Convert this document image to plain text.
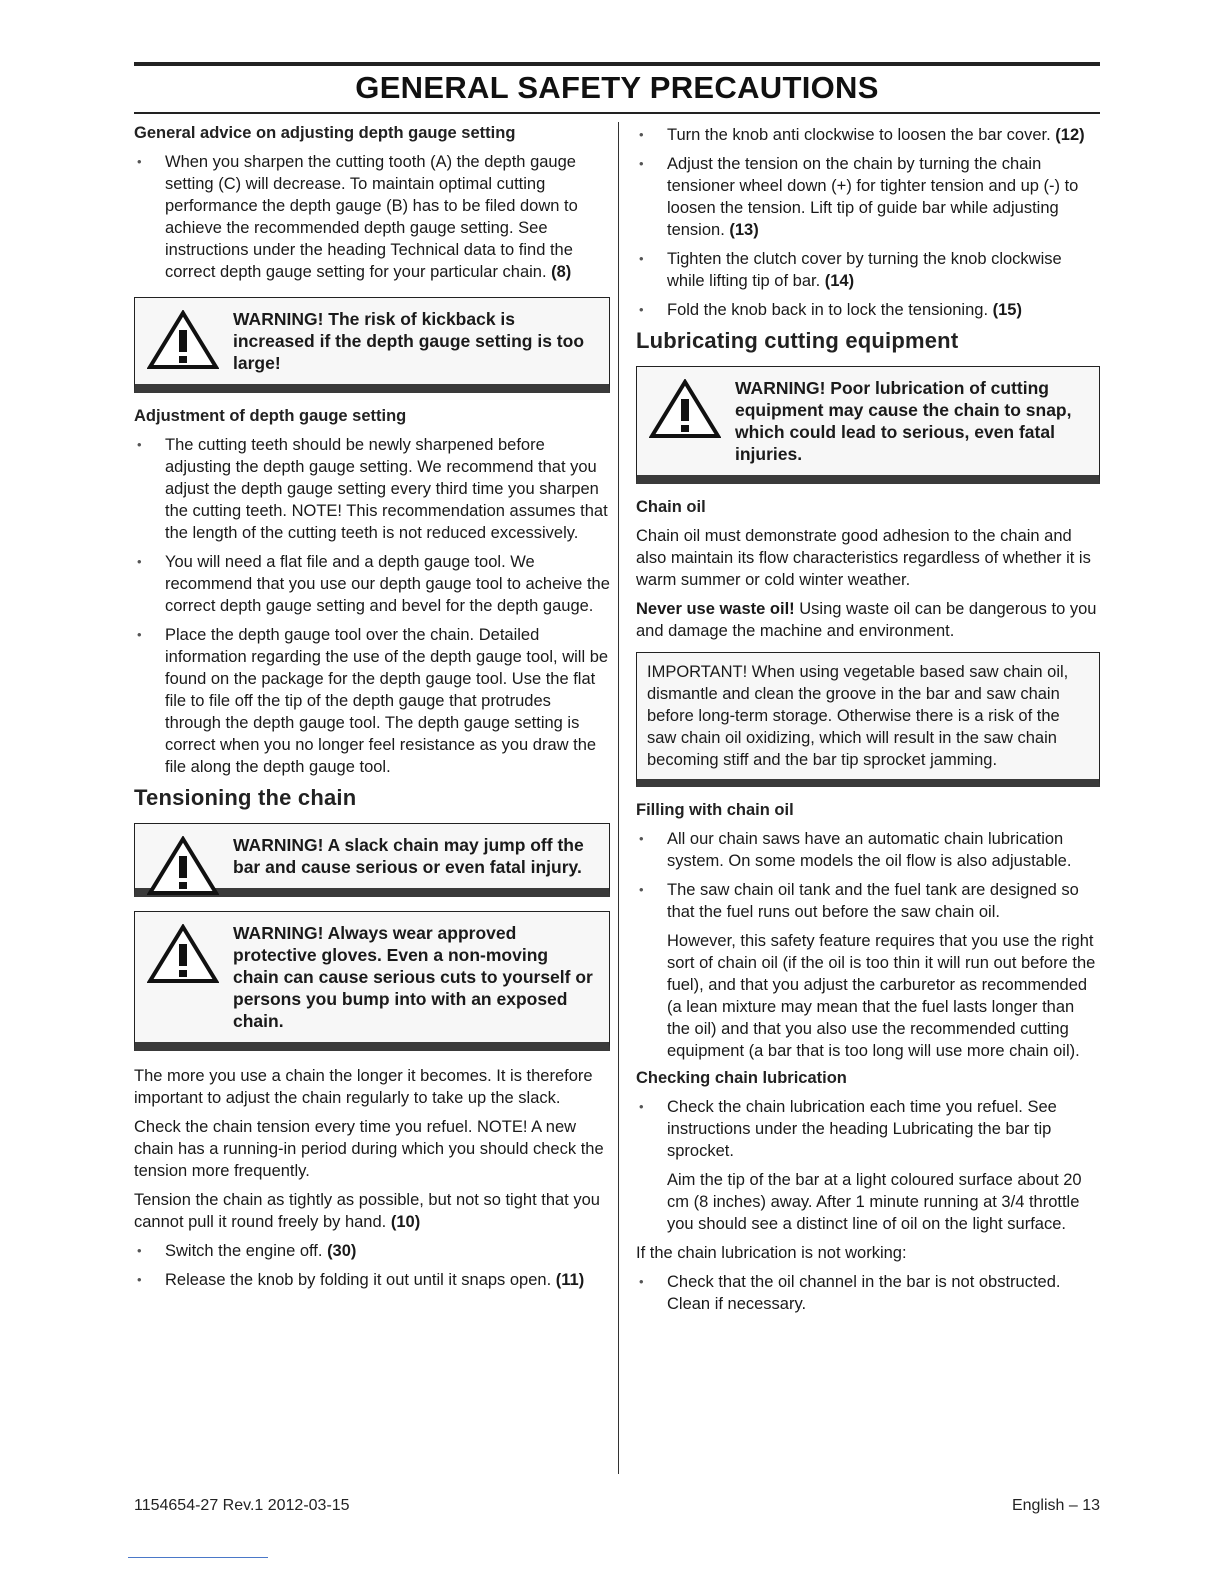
GENERAL SAFETY PRECAUTIONS
General advice on adjusting depth gauge setting
• When you sharpen the cutting tooth (A) the depth gauge setting (C) will decrease. To maintain optimal cutting performance the depth gauge (B) has to be filed down to achieve the recommended depth gauge setting. See instructions under the heading Technical data to find the correct depth gauge setting for your particular chain. (8)
WARNING! The risk of kickback is increased if the depth gauge setting is too large!
Adjustment of depth gauge setting
• The cutting teeth should be newly sharpened before adjusting the depth gauge setting. We recommend that you adjust the depth gauge setting every third time you sharpen the cutting teeth. NOTE! This recommendation assumes that the length of the cutting teeth is not reduced excessively.
• You will need a flat file and a depth gauge tool. We recommend that you use our depth gauge tool to acheive the correct depth gauge setting and bevel for the depth gauge.
• Place the depth gauge tool over the chain. Detailed information regarding the use of the depth gauge tool, will be found on the package for the depth gauge tool. Use the flat file to file off the tip of the depth gauge that protrudes through the depth gauge tool. The depth gauge setting is correct when you no longer feel resistance as you draw the file along the depth gauge tool.
Tensioning the chain
WARNING! A slack chain may jump off the bar and cause serious or even fatal injury.
WARNING! Always wear approved protective gloves. Even a non-moving chain can cause serious cuts to yourself or persons you bump into with an exposed chain.

The more you use a chain the longer it becomes. It is therefore important to adjust the chain regularly to take up the slack.

Check the chain tension every time you refuel. NOTE! A new chain has a running-in period during which you should check the tension more frequently.

Tension the chain as tightly as possible, but not so tight that you cannot pull it round freely by hand. (10)

• Switch the engine off. (30)
• Release the knob by folding it out until it snaps open. (11)
• Turn the knob anti clockwise to loosen the bar cover. (12)
• Adjust the tension on the chain by turning the chain tensioner wheel down (+) for tighter tension and up (-) to loosen the tension. Lift tip of guide bar while adjusting tension. (13)
• Tighten the clutch cover by turning the knob clockwise while lifting tip of bar. (14)
• Fold the knob back in to lock the tensioning. (15)
Lubricating cutting equipment
WARNING! Poor lubrication of cutting equipment may cause the chain to snap, which could lead to serious, even fatal injuries.
Chain oil

Chain oil must demonstrate good adhesion to the chain and also maintain its flow characteristics regardless of whether it is warm summer or cold winter weather.

Never use waste oil! Using waste oil can be dangerous to you and damage the machine and environment.

IMPORTANT! When using vegetable based saw chain oil, dismantle and clean the groove in the bar and saw chain before long-term storage. Otherwise there is a risk of the saw chain oil oxidizing, which will result in the saw chain becoming stiff and the bar tip sprocket jamming.

Filling with chain oil
• All our chain saws have an automatic chain lubrication system. On some models the oil flow is also adjustable.
• The saw chain oil tank and the fuel tank are designed so that the fuel runs out before the saw chain oil.

However, this safety feature requires that you use the right sort of chain oil (if the oil is too thin it will run out before the fuel), and that you adjust the carburetor as recommended (a lean mixture may mean that the fuel lasts longer than the oil) and that you also use the recommended cutting equipment (a bar that is too long will use more chain oil).

Checking chain lubrication
• Check the chain lubrication each time you refuel. See instructions under the heading Lubricating the bar tip sprocket.

Aim the tip of the bar at a light coloured surface about 20 cm (8 inches) away. After 1 minute running at 3/4 throttle you should see a distinct line of oil on the light surface.

If the chain lubrication is not working:

• Check that the oil channel in the bar is not obstructed. Clean if necessary.
1154654-27 Rev.1 2012-03-15	English – 13
